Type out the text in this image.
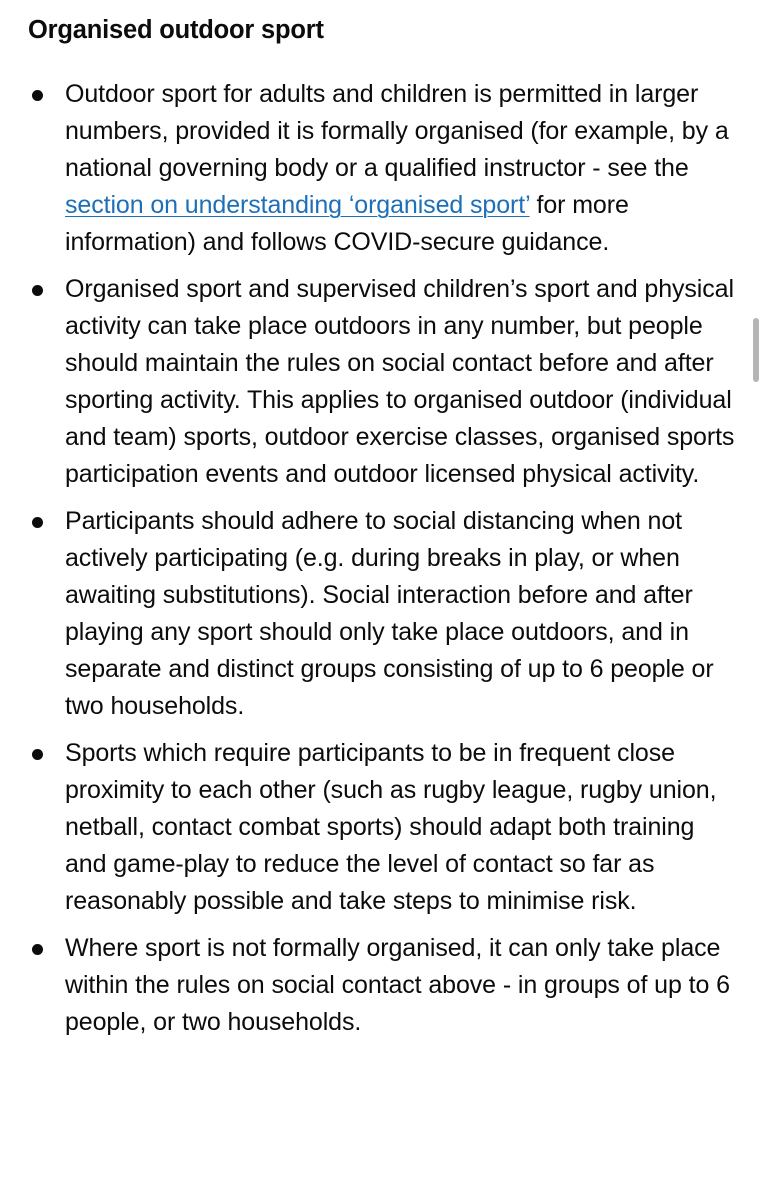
Organised outdoor sport
Outdoor sport for adults and children is permitted in larger numbers, provided it is formally organised (for example, by a national governing body or a qualified instructor - see the section on understanding ‘organised sport’ for more information) and follows COVID-secure guidance.
Organised sport and supervised children’s sport and physical activity can take place outdoors in any number, but people should maintain the rules on social contact before and after sporting activity. This applies to organised outdoor (individual and team) sports, outdoor exercise classes, organised sports participation events and outdoor licensed physical activity.
Participants should adhere to social distancing when not actively participating (e.g. during breaks in play, or when awaiting substitutions). Social interaction before and after playing any sport should only take place outdoors, and in separate and distinct groups consisting of up to 6 people or two households.
Sports which require participants to be in frequent close proximity to each other (such as rugby league, rugby union, netball, contact combat sports) should adapt both training and game-play to reduce the level of contact so far as reasonably possible and take steps to minimise risk.
Where sport is not formally organised, it can only take place within the rules on social contact above - in groups of up to 6 people, or two households.
